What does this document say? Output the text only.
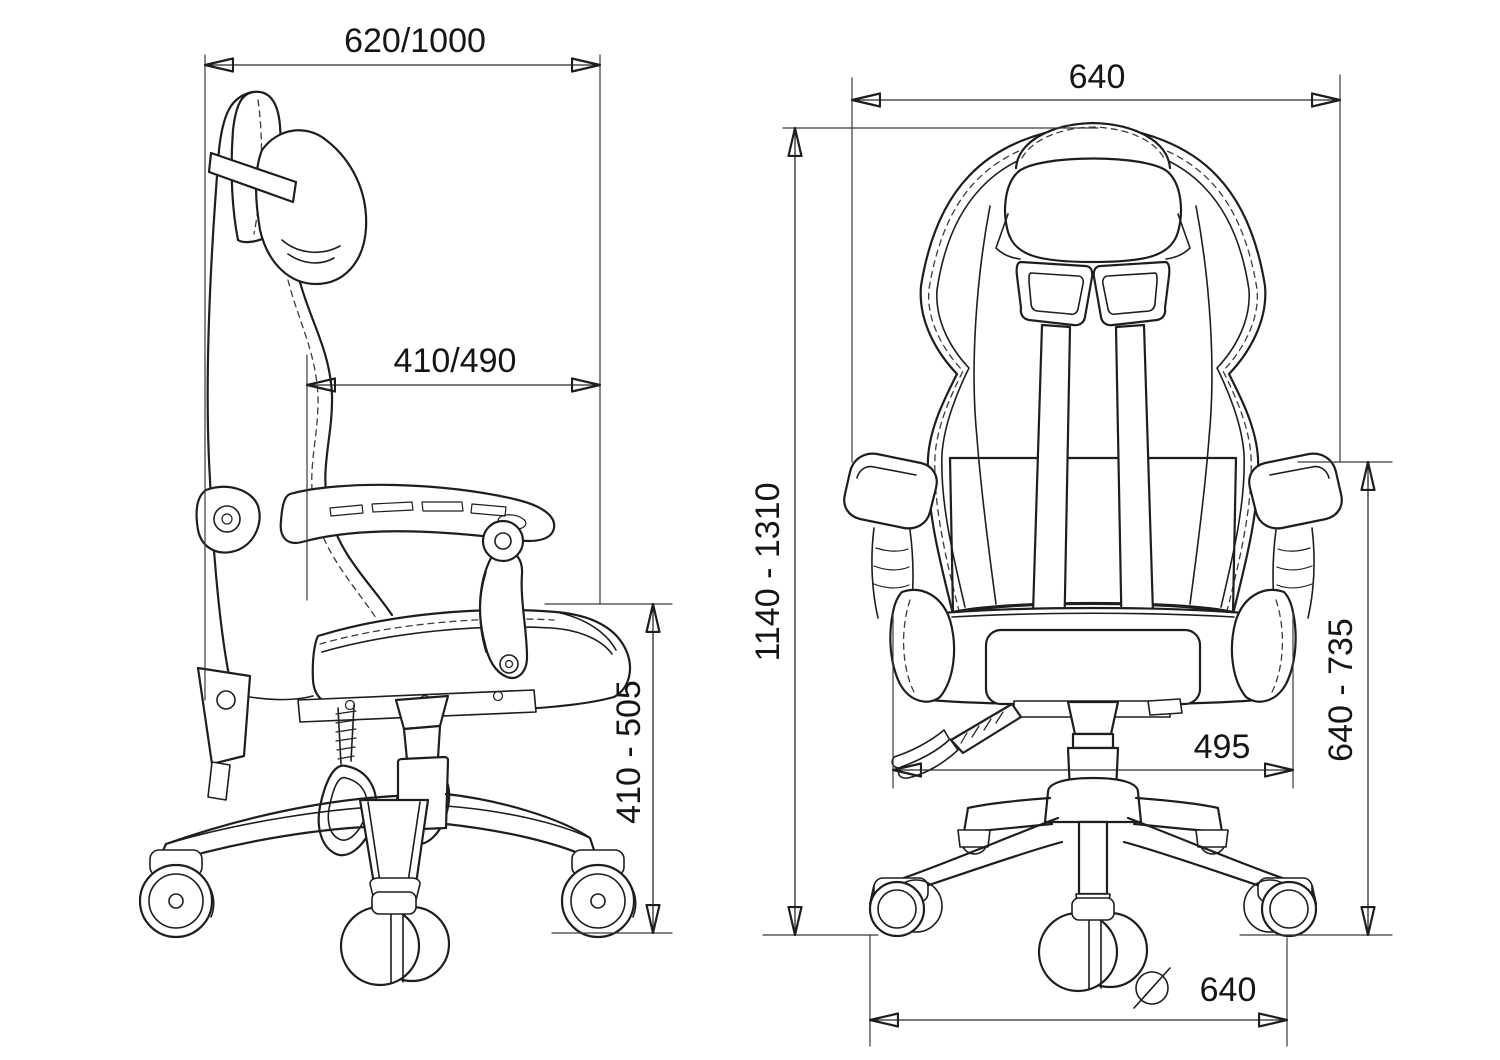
620/1000
410/490
410 - 505
640
1140 - 1310
640 - 735
495
640
